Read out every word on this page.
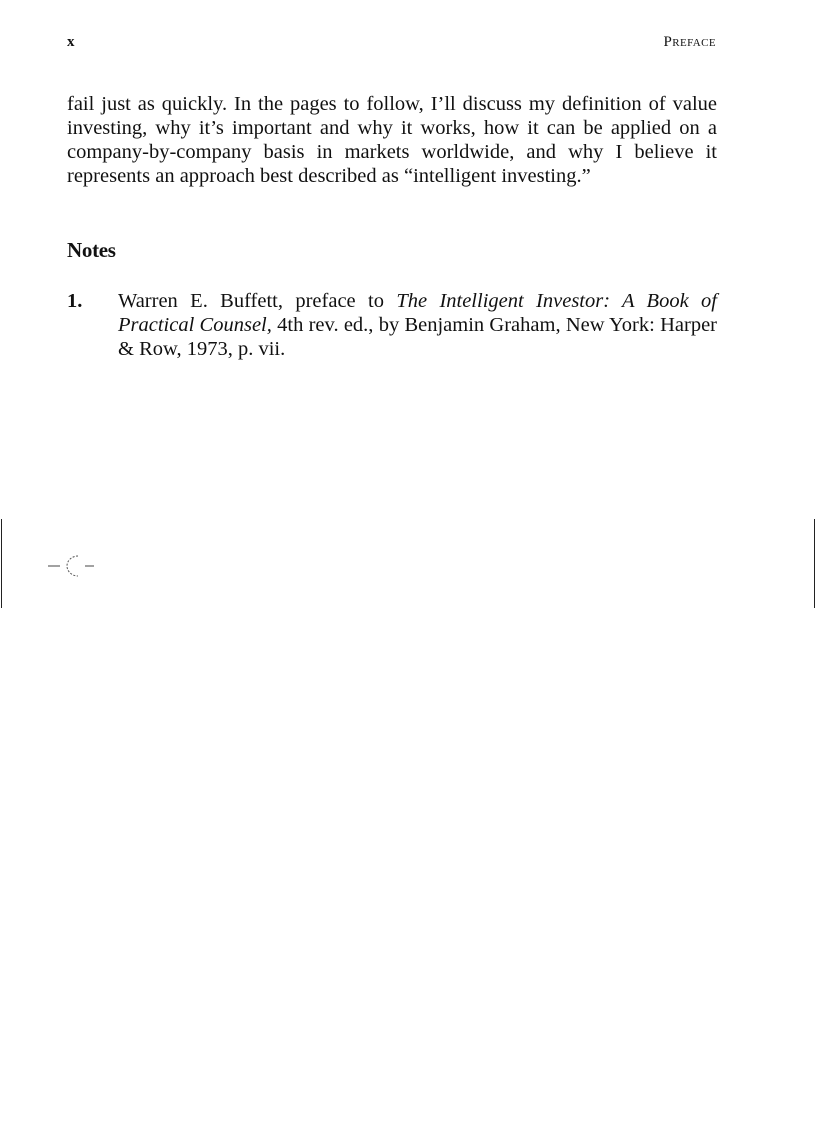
x	Preface

fail just as quickly. In the pages to follow, I’ll discuss my definition of value investing, why it’s important and why it works, how it can be applied on a company-by-company basis in markets worldwide, and why I believe it represents an approach best described as “intelligent investing.”

Notes
1. Warren E. Buffett, preface to The Intelligent Investor: A Book of Practical Counsel, 4th rev. ed., by Benjamin Graham, New York: Harper & Row, 1973, p. vii.
